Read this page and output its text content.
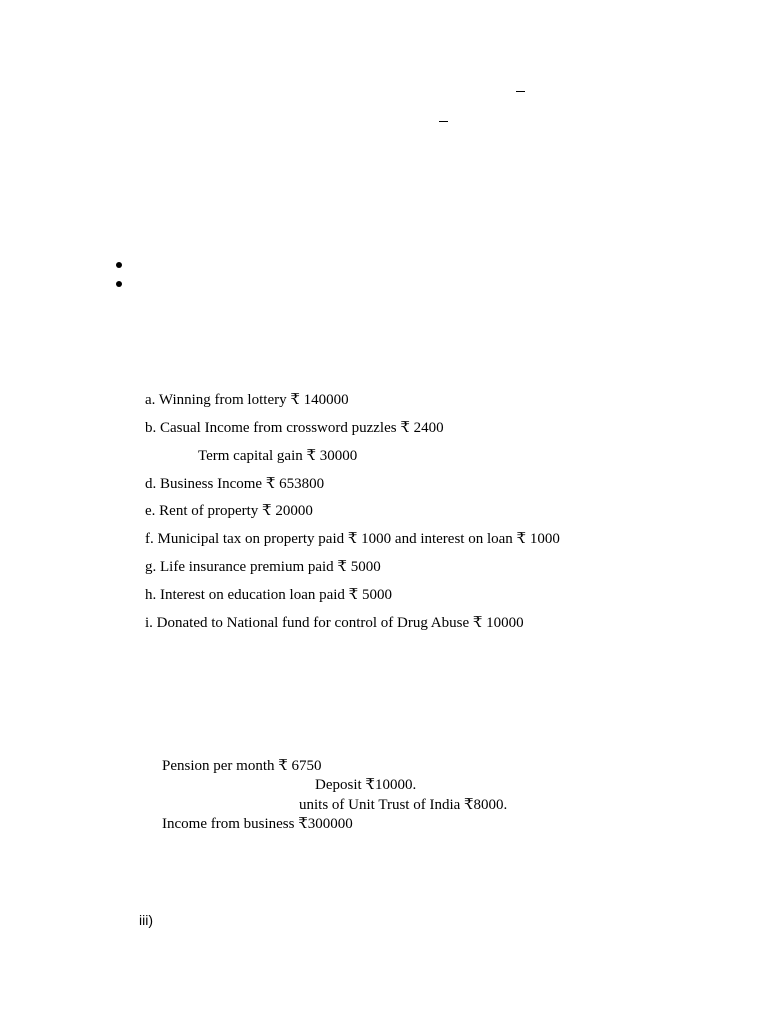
a. Winning from lottery ₹ 140000
b. Casual Income from crossword puzzles ₹ 2400
Term capital gain ₹ 30000
d. Business Income ₹ 653800
e. Rent of property ₹ 20000
f. Municipal tax on property paid ₹ 1000 and interest on loan ₹ 1000
g. Life insurance premium paid ₹ 5000
h. Interest on education loan paid ₹ 5000
i. Donated to National fund for control of Drug Abuse ₹ 10000
Pension per month ₹ 6750
Deposit ₹10000.
units of Unit Trust of India ₹8000.
Income from business ₹300000
iii)
